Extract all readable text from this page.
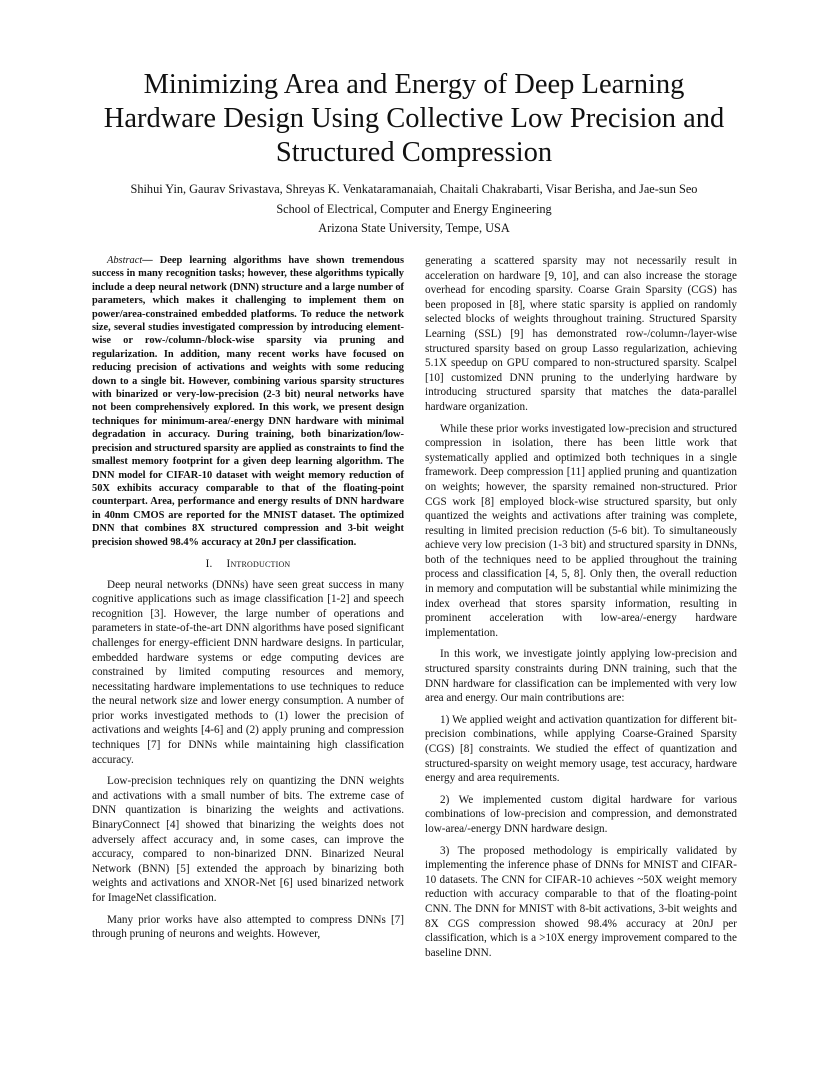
Minimizing Area and Energy of Deep Learning
Hardware Design Using Collective Low Precision and
Structured Compression
Shihui Yin, Gaurav Srivastava, Shreyas K. Venkataramanaiah, Chaitali Chakrabarti, Visar Berisha, and Jae-sun Seo
School of Electrical, Computer and Energy Engineering
Arizona State University, Tempe, USA
Abstract— Deep learning algorithms have shown tremendous success in many recognition tasks; however, these algorithms typically include a deep neural network (DNN) structure and a large number of parameters, which makes it challenging to implement them on power/area-constrained embedded platforms. To reduce the network size, several studies investigated compression by introducing element-wise or row-/column-/block-wise sparsity via pruning and regularization. In addition, many recent works have focused on reducing precision of activations and weights with some reducing down to a single bit. However, combining various sparsity structures with binarized or very-low-precision (2-3 bit) neural networks have not been comprehensively explored. In this work, we present design techniques for minimum-area/-energy DNN hardware with minimal degradation in accuracy. During training, both binarization/low-precision and structured sparsity are applied as constraints to find the smallest memory footprint for a given deep learning algorithm. The DNN model for CIFAR-10 dataset with weight memory reduction of 50X exhibits accuracy comparable to that of the floating-point counterpart. Area, performance and energy results of DNN hardware in 40nm CMOS are reported for the MNIST dataset. The optimized DNN that combines 8X structured compression and 3-bit weight precision showed 98.4% accuracy at 20nJ per classification.
I. Introduction

Deep neural networks (DNNs) have seen great success in many cognitive applications such as image classification [1-2] and speech recognition [3]. However, the large number of operations and parameters in state-of-the-art DNN algorithms have posed significant challenges for energy-efficient DNN hardware designs. In particular, embedded hardware systems or edge computing devices are constrained by limited computing resources and memory, necessitating hardware implementations to use techniques to reduce the neural network size and lower energy consumption. A number of prior works investigated methods to (1) lower the precision of activations and weights [4-6] and (2) apply pruning and compression techniques [7] for DNNs while maintaining high classification accuracy.

Low-precision techniques rely on quantizing the DNN weights and activations with a small number of bits. The extreme case of DNN quantization is binarizing the weights and activations. BinaryConnect [4] showed that binarizing the weights does not adversely affect accuracy and, in some cases, can improve the accuracy, compared to non-binarized DNN. Binarized Neural Network (BNN) [5] extended the approach by binarizing both weights and activations and XNOR-Net [6] used binarized network for ImageNet classification.

Many prior works have also attempted to compress DNNs [7] through pruning of neurons and weights. However,

generating a scattered sparsity may not necessarily result in acceleration on hardware [9, 10], and can also increase the storage overhead for encoding sparsity. Coarse Grain Sparsity (CGS) has been proposed in [8], where static sparsity is applied on randomly selected blocks of weights throughout training. Structured Sparsity Learning (SSL) [9] has demonstrated row-/column-/layer-wise structured sparsity based on group Lasso regularization, achieving 5.1X speedup on GPU compared to non-structured sparsity. Scalpel [10] customized DNN pruning to the underlying hardware by introducing structured sparsity that matches the data-parallel hardware organization.

While these prior works investigated low-precision and structured compression in isolation, there has been little work that systematically applied and optimized both techniques in a single framework. Deep compression [11] applied pruning and quantization on weights; however, the sparsity remained non-structured. Prior CGS work [8] employed block-wise structured sparsity, but only quantized the weights and activations after training was complete, resulting in limited precision reduction (5-6 bit). To simultaneously achieve very low precision (1-3 bit) and structured sparsity in DNNs, both of the techniques need to be applied throughout the training process and classification [4, 5, 8]. Only then, the overall reduction in memory and computation will be substantial while minimizing the index overhead that stores sparsity information, resulting in prominent acceleration with low-area/-energy hardware implementation.

In this work, we investigate jointly applying low-precision and structured sparsity constraints during DNN training, such that the DNN hardware for classification can be implemented with very low area and energy. Our main contributions are:

1) We applied weight and activation quantization for different bit-precision combinations, while applying Coarse-Grained Sparsity (CGS) [8] constraints. We studied the effect of quantization and structured-sparsity on weight memory usage, test accuracy, hardware energy and area requirements.

2) We implemented custom digital hardware for various combinations of low-precision and compression, and demonstrated low-area/-energy DNN hardware design.

3) The proposed methodology is empirically validated by implementing the inference phase of DNNs for MNIST and CIFAR-10 datasets. The CNN for CIFAR-10 achieves ~50X weight memory reduction with accuracy comparable to that of the floating-point CNN. The DNN for MNIST with 8-bit activations, 3-bit weights and 8X CGS compression showed 98.4% accuracy at 20nJ per classification, which is a >10X energy improvement compared to the baseline DNN.
